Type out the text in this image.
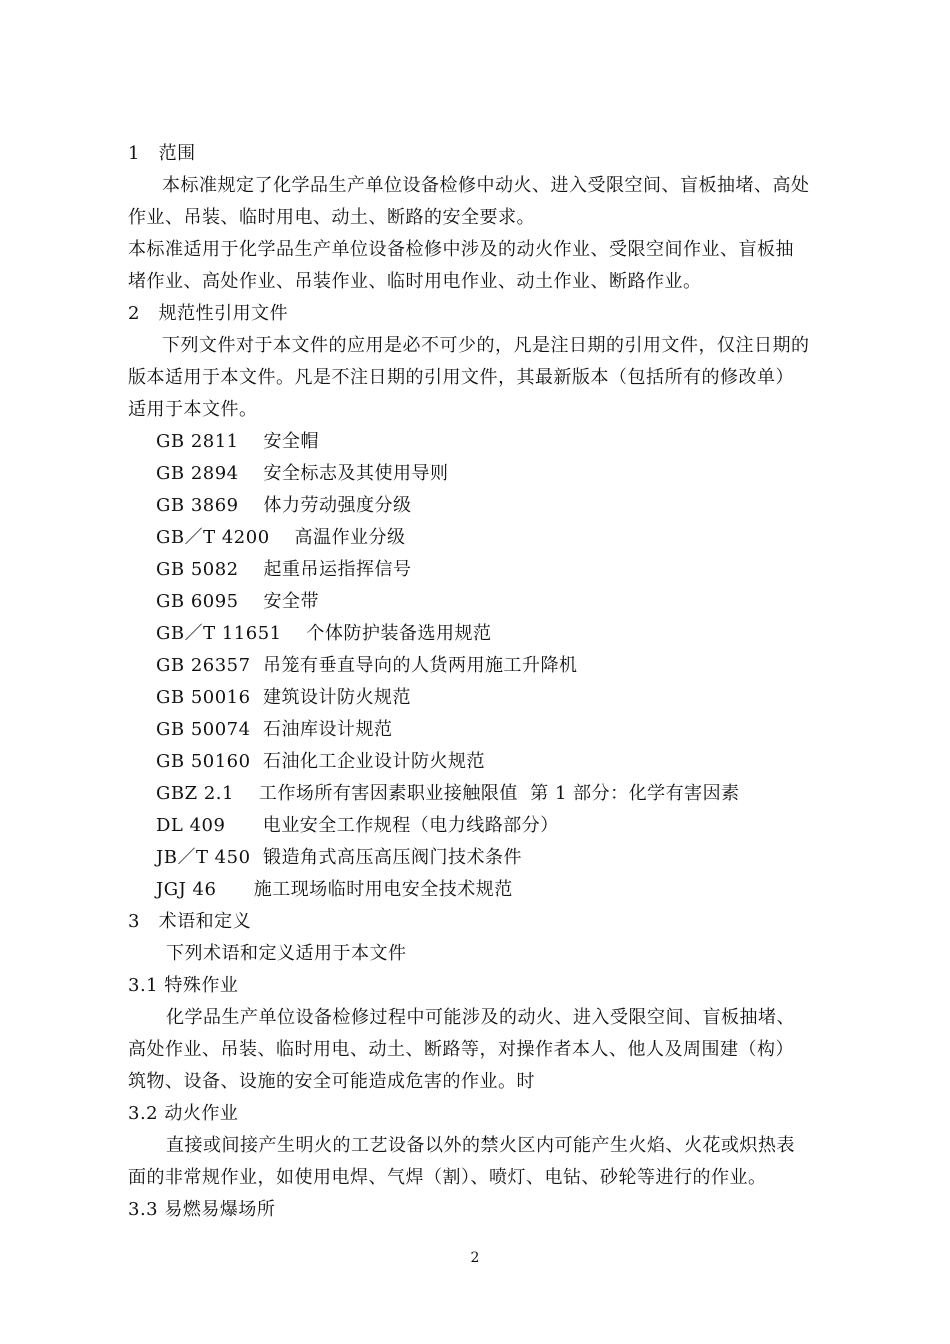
1   范围
本标准规定了化学品生产单位设备检修中动火、进入受限空间、盲板抽堵、高处
作业、吊装、临时用电、动土、断路的安全要求。
本标准适用于化学品生产单位设备检修中涉及的动火作业、受限空间作业、盲板抽
堵作业、高处作业、吊装作业、临时用电作业、动土作业、断路作业。
2   规范性引用文件
下列文件对于本文件的应用是必不可少的，凡是注日期的引用文件，仅注日期的
版本适用于本文件。凡是不注日期的引用文件，其最新版本（包括所有的修改单）
适用于本文件。
GB 2811    安全帽
GB 2894    安全标志及其使用导则
GB 3869    体力劳动强度分级
GB／T 4200    高温作业分级
GB 5082    起重吊运指挥信号
GB 6095    安全带
GB／T 11651    个体防护装备选用规范
GB 26357  吊笼有垂直导向的人货两用施工升降机
GB 50016  建筑设计防火规范
GB 50074  石油库设计规范
GB 50160  石油化工企业设计防火规范
GBZ 2.1    工作场所有害因素职业接触限值  第 1 部分：化学有害因素
DL 409      电业安全工作规程（电力线路部分）
JB／T 450  锻造角式高压高压阀门技术条件
JGJ 46      施工现场临时用电安全技术规范
3   术语和定义
下列术语和定义适用于本文件
3.1 特殊作业
化学品生产单位设备检修过程中可能涉及的动火、进入受限空间、盲板抽堵、
高处作业、吊装、临时用电、动土、断路等，对操作者本人、他人及周围建（构）
筑物、设备、设施的安全可能造成危害的作业。时
3.2 动火作业
直接或间接产生明火的工艺设备以外的禁火区内可能产生火焰、火花或炽热表
面的非常规作业，如使用电焊、气焊（割）、喷灯、电钻、砂轮等进行的作业。
3.3 易燃易爆场所
2
